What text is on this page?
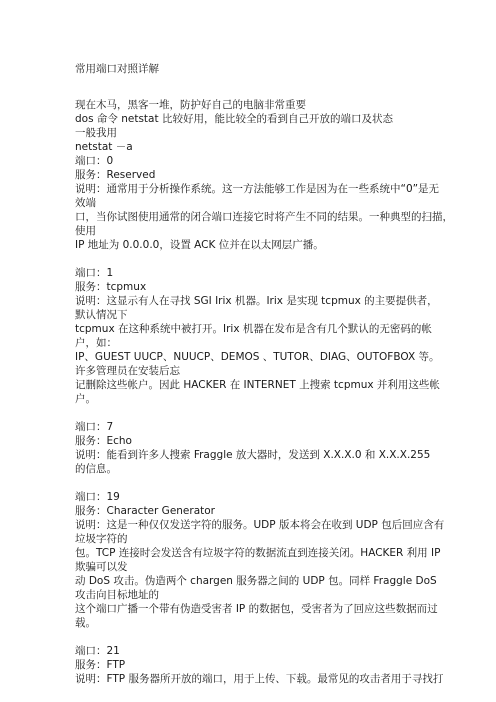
常用端口对照详解
现在木马，黑客一堆，防护好自己的电脑非常重要
dos 命令 netstat 比较好用，能比较全的看到自己开放的端口及状态
一般我用
netstat －a
端口：0
服务：Reserved
说明：通常用于分析操作系统。这一方法能够工作是因为在一些系统中“0”是无
效端
口，当你试图使用通常的闭合端口连接它时将产生不同的结果。一种典型的扫描，
使用
IP 地址为 0.0.0.0，设置 ACK 位并在以太网层广播。
端口：1
服务：tcpmux
说明：这显示有人在寻找 SGI Irix 机器。Irix 是实现 tcpmux 的主要提供者，
默认情况下
tcpmux 在这种系统中被打开。Irix 机器在发布是含有几个默认的无密码的帐
户，如：
IP、GUEST UUCP、NUUCP、DEMOS 、TUTOR、DIAG、OUTOFBOX 等。
许多管理员在安装后忘
记删除这些帐户。因此 HACKER 在 INTERNET 上搜索 tcpmux 并利用这些帐
户。
端口：7
服务：Echo
说明：能看到许多人搜索 Fraggle 放大器时，发送到 X.X.X.0 和 X.X.X.255
的信息。
端口：19
服务：Character Generator
说明：这是一种仅仅发送字符的服务。UDP 版本将会在收到 UDP 包后回应含有
垃圾字符的
包。TCP 连接时会发送含有垃圾字符的数据流直到连接关闭。HACKER 利用 IP
欺骗可以发
动 DoS 攻击。伪造两个 chargen 服务器之间的 UDP 包。同样 Fraggle DoS
攻击向目标地址的
这个端口广播一个带有伪造受害者 IP 的数据包，受害者为了回应这些数据而过
载。
端口：21
服务：FTP
说明：FTP 服务器所开放的端口，用于上传、下载。最常见的攻击者用于寻找打
